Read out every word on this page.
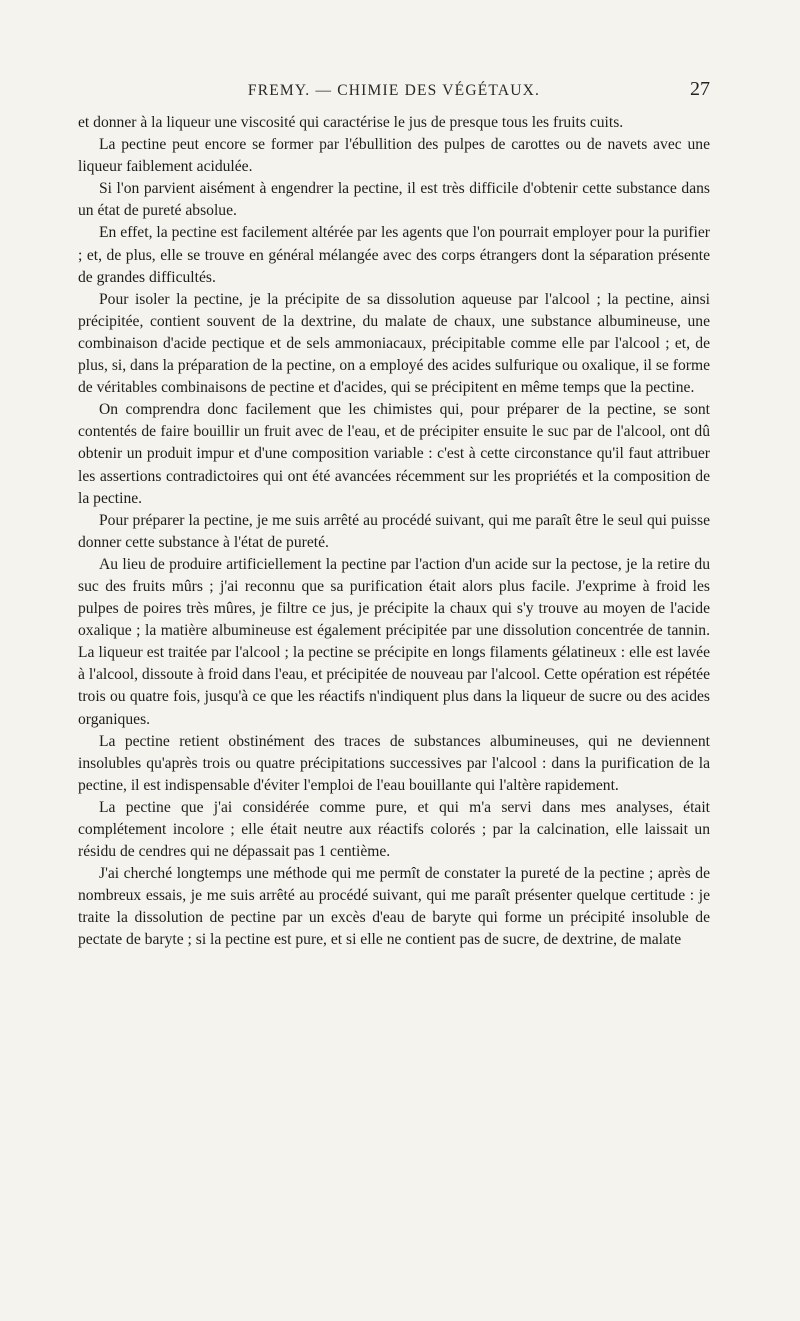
FREMY. — CHIMIE DES VÉGÉTAUX.	27

et donner à la liqueur une viscosité qui caractérise le jus de presque tous les fruits cuits.

La pectine peut encore se former par l'ébullition des pulpes de carottes ou de navets avec une liqueur faiblement acidulée.

Si l'on parvient aisément à engendrer la pectine, il est très difficile d'obtenir cette substance dans un état de pureté absolue.

En effet, la pectine est facilement altérée par les agents que l'on pourrait employer pour la purifier ; et, de plus, elle se trouve en général mélangée avec des corps étrangers dont la séparation présente de grandes difficultés.

Pour isoler la pectine, je la précipite de sa dissolution aqueuse par l'alcool ; la pectine, ainsi précipitée, contient souvent de la dextrine, du malate de chaux, une substance albumineuse, une combinaison d'acide pectique et de sels ammoniacaux, précipitable comme elle par l'alcool ; et, de plus, si, dans la préparation de la pectine, on a employé des acides sulfurique ou oxalique, il se forme de véritables combinaisons de pectine et d'acides, qui se précipitent en même temps que la pectine.

On comprendra donc facilement que les chimistes qui, pour préparer de la pectine, se sont contentés de faire bouillir un fruit avec de l'eau, et de précipiter ensuite le suc par de l'alcool, ont dû obtenir un produit impur et d'une composition variable : c'est à cette circonstance qu'il faut attribuer les assertions contradictoires qui ont été avancées récemment sur les propriétés et la composition de la pectine.

Pour préparer la pectine, je me suis arrêté au procédé suivant, qui me paraît être le seul qui puisse donner cette substance à l'état de pureté.

Au lieu de produire artificiellement la pectine par l'action d'un acide sur la pectose, je la retire du suc des fruits mûrs ; j'ai reconnu que sa purification était alors plus facile. J'exprime à froid les pulpes de poires très mûres, je filtre ce jus, je précipite la chaux qui s'y trouve au moyen de l'acide oxalique ; la matière albumineuse est également précipitée par une dissolution concentrée de tannin. La liqueur est traitée par l'alcool ; la pectine se précipite en longs filaments gélatineux : elle est lavée à l'alcool, dissoute à froid dans l'eau, et précipitée de nouveau par l'alcool. Cette opération est répétée trois ou quatre fois, jusqu'à ce que les réactifs n'indiquent plus dans la liqueur de sucre ou des acides organiques.

La pectine retient obstinément des traces de substances albumineuses, qui ne deviennent insolubles qu'après trois ou quatre précipitations successives par l'alcool : dans la purification de la pectine, il est indispensable d'éviter l'emploi de l'eau bouillante qui l'altère rapidement.

La pectine que j'ai considérée comme pure, et qui m'a servi dans mes analyses, était complétement incolore ; elle était neutre aux réactifs colorés ; par la calcination, elle laissait un résidu de cendres qui ne dépassait pas 1 centième.

J'ai cherché longtemps une méthode qui me permît de constater la pureté de la pectine ; après de nombreux essais, je me suis arrêté au procédé suivant, qui me paraît présenter quelque certitude : je traite la dissolution de pectine par un excès d'eau de baryte qui forme un précipité insoluble de pectate de baryte ; si la pectine est pure, et si elle ne contient pas de sucre, de dextrine, de malate
